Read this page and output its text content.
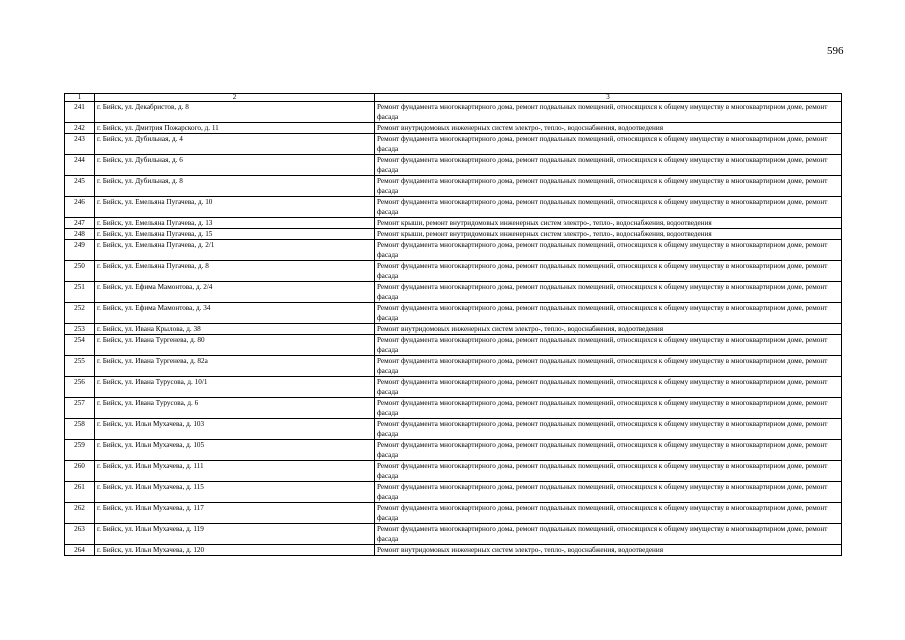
596
1	2	3
241	г. Бийск, ул. Декабристов, д. 8	Ремонт фундамента многоквартирного дома, ремонт подвальных помещений, относящихся к общему имуществу в многоквартирном доме, ремонт фасада
242	г. Бийск, ул. Дмитрия Пожарского, д. 11	Ремонт внутридомовых инженерных систем электро-, тепло-, водоснабжения, водоотведения
243	г. Бийск, ул. Дубильная, д. 4	Ремонт фундамента многоквартирного дома, ремонт подвальных помещений, относящихся к общему имуществу в многоквартирном доме, ремонт фасада
244	г. Бийск, ул. Дубильная, д. 6	Ремонт фундамента многоквартирного дома, ремонт подвальных помещений, относящихся к общему имуществу в многоквартирном доме, ремонт фасада
245	г. Бийск, ул. Дубильная, д. 8	Ремонт фундамента многоквартирного дома, ремонт подвальных помещений, относящихся к общему имуществу в многоквартирном доме, ремонт фасада
246	г. Бийск, ул. Емельяна Пугачева, д. 10	Ремонт фундамента многоквартирного дома, ремонт подвальных помещений, относящихся к общему имуществу в многоквартирном доме, ремонт фасада
247	г. Бийск, ул. Емельяна Пугачева, д. 13	Ремонт крыши, ремонт внутридомовых инженерных систем электро-, тепло-, водоснабжения, водоотведения
248	г. Бийск, ул. Емельяна Пугачева, д. 15	Ремонт крыши, ремонт внутридомовых инженерных систем электро-, тепло-, водоснабжения, водоотведения
249	г. Бийск, ул. Емельяна Пугачева, д. 2/1	Ремонт фундамента многоквартирного дома, ремонт подвальных помещений, относящихся к общему имуществу в многоквартирном доме, ремонт фасада
250	г. Бийск, ул. Емельяна Пугачева, д. 8	Ремонт фундамента многоквартирного дома, ремонт подвальных помещений, относящихся к общему имуществу в многоквартирном доме, ремонт фасада
251	г. Бийск, ул. Ефима Мамонтова, д. 2/4	Ремонт фундамента многоквартирного дома, ремонт подвальных помещений, относящихся к общему имуществу в многоквартирном доме, ремонт фасада
252	г. Бийск, ул. Ефима Мамонтова, д. 34	Ремонт фундамента многоквартирного дома, ремонт подвальных помещений, относящихся к общему имуществу в многоквартирном доме, ремонт фасада
253	г. Бийск, ул. Ивана Крылова, д. 38	Ремонт внутридомовых инженерных систем электро-, тепло-, водоснабжения, водоотведения
254	г. Бийск, ул. Ивана Тургенева, д. 80	Ремонт фундамента многоквартирного дома, ремонт подвальных помещений, относящихся к общему имуществу в многоквартирном доме, ремонт фасада
255	г. Бийск, ул. Ивана Тургенева, д. 82а	Ремонт фундамента многоквартирного дома, ремонт подвальных помещений, относящихся к общему имуществу в многоквартирном доме, ремонт фасада
256	г. Бийск, ул. Ивана Турусова, д. 10/1	Ремонт фундамента многоквартирного дома, ремонт подвальных помещений, относящихся к общему имуществу в многоквартирном доме, ремонт фасада
257	г. Бийск, ул. Ивана Турусова, д. 6	Ремонт фундамента многоквартирного дома, ремонт подвальных помещений, относящихся к общему имуществу в многоквартирном доме, ремонт фасада
258	г. Бийск, ул. Ильи Мухачева, д. 103	Ремонт фундамента многоквартирного дома, ремонт подвальных помещений, относящихся к общему имуществу в многоквартирном доме, ремонт фасада
259	г. Бийск, ул. Ильи Мухачева, д. 105	Ремонт фундамента многоквартирного дома, ремонт подвальных помещений, относящихся к общему имуществу в многоквартирном доме, ремонт фасада
260	г. Бийск, ул. Ильи Мухачева, д. 111	Ремонт фундамента многоквартирного дома, ремонт подвальных помещений, относящихся к общему имуществу в многоквартирном доме, ремонт фасада
261	г. Бийск, ул. Ильи Мухачева, д. 115	Ремонт фундамента многоквартирного дома, ремонт подвальных помещений, относящихся к общему имуществу в многоквартирном доме, ремонт фасада
262	г. Бийск, ул. Ильи Мухачева, д. 117	Ремонт фундамента многоквартирного дома, ремонт подвальных помещений, относящихся к общему имуществу в многоквартирном доме, ремонт фасада
263	г. Бийск, ул. Ильи Мухачева, д. 119	Ремонт фундамента многоквартирного дома, ремонт подвальных помещений, относящихся к общему имуществу в многоквартирном доме, ремонт фасада
264	г. Бийск, ул. Ильи Мухачева, д. 120	Ремонт внутридомовых инженерных систем электро-, тепло-, водоснабжения, водоотведения
